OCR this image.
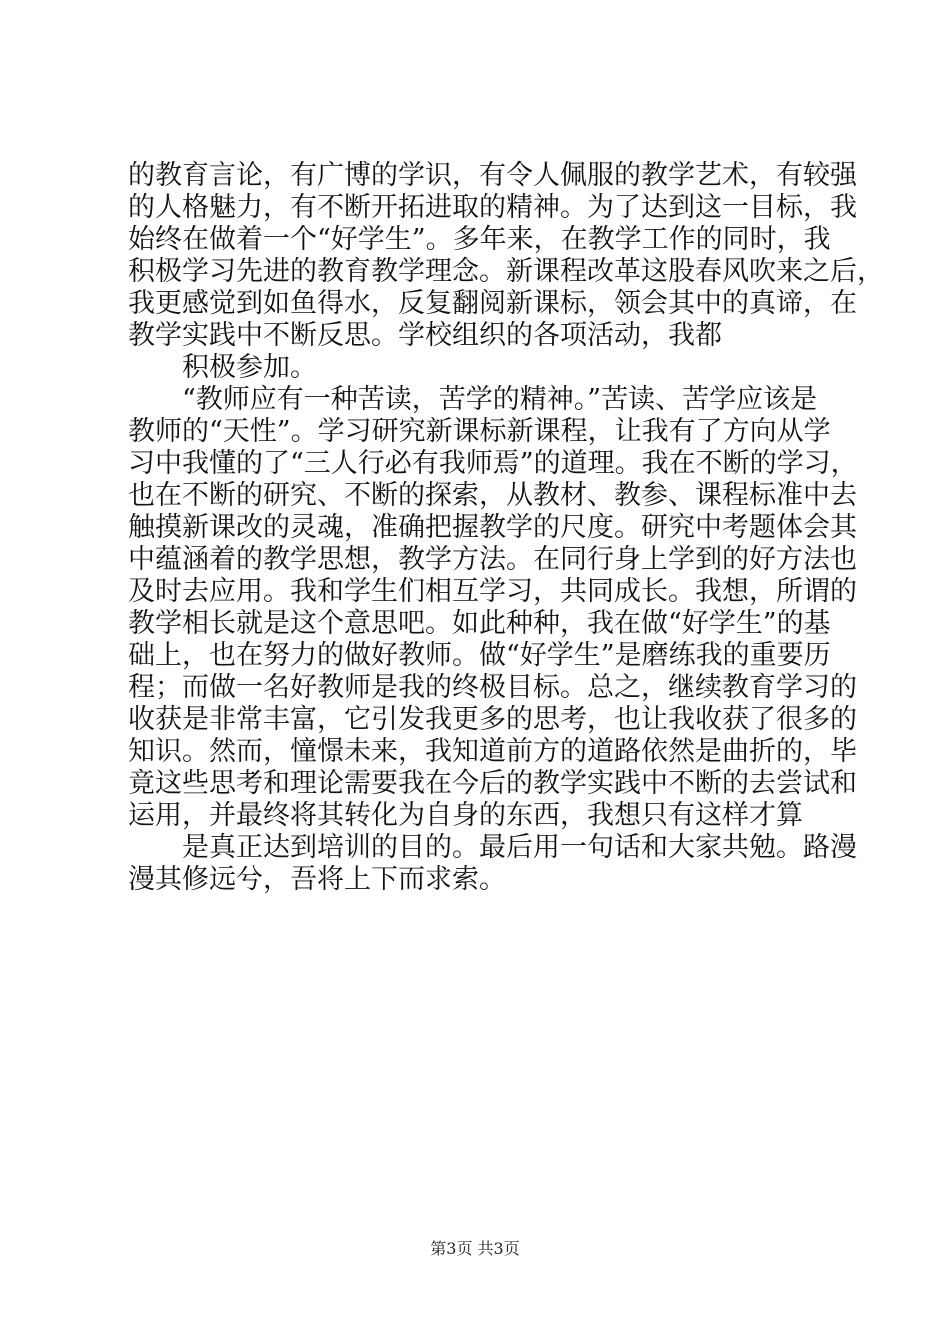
的教育言论，有广博的学识，有令人佩服的教学艺术，有较强
的人格魅力，有不断开拓进取的精神。为了达到这一目标，我
始终在做着一个“好学生”。多年来，在教学工作的同时，我
积极学习先进的教育教学理念。新课程改革这股春风吹来之后，
我更感觉到如鱼得水，反复翻阅新课标，领会其中的真谛，在
教学实践中不断反思。学校组织的各项活动，我都
积极参加。
“教师应有一种苦读，苦学的精神。”苦读、苦学应该是
教师的“天性”。学习研究新课标新课程，让我有了方向从学
习中我懂的了“三人行必有我师焉”的道理。我在不断的学习，
也在不断的研究、不断的探索，从教材、教参、课程标准中去
触摸新课改的灵魂，准确把握教学的尺度。研究中考题体会其
中蕴涵着的教学思想，教学方法。在同行身上学到的好方法也
及时去应用。我和学生们相互学习，共同成长。我想，所谓的
教学相长就是这个意思吧。如此种种，我在做“好学生”的基
础上，也在努力的做好教师。做“好学生”是磨练我的重要历
程；而做一名好教师是我的终极目标。总之，继续教育学习的
收获是非常丰富，它引发我更多的思考，也让我收获了很多的
知识。然而，憧憬未来，我知道前方的道路依然是曲折的，毕
竟这些思考和理论需要我在今后的教学实践中不断的去尝试和
运用，并最终将其转化为自身的东西，我想只有这样才算
是真正达到培训的目的。最后用一句话和大家共勉。路漫
漫其修远兮，吾将上下而求索。
第3页 共3页
